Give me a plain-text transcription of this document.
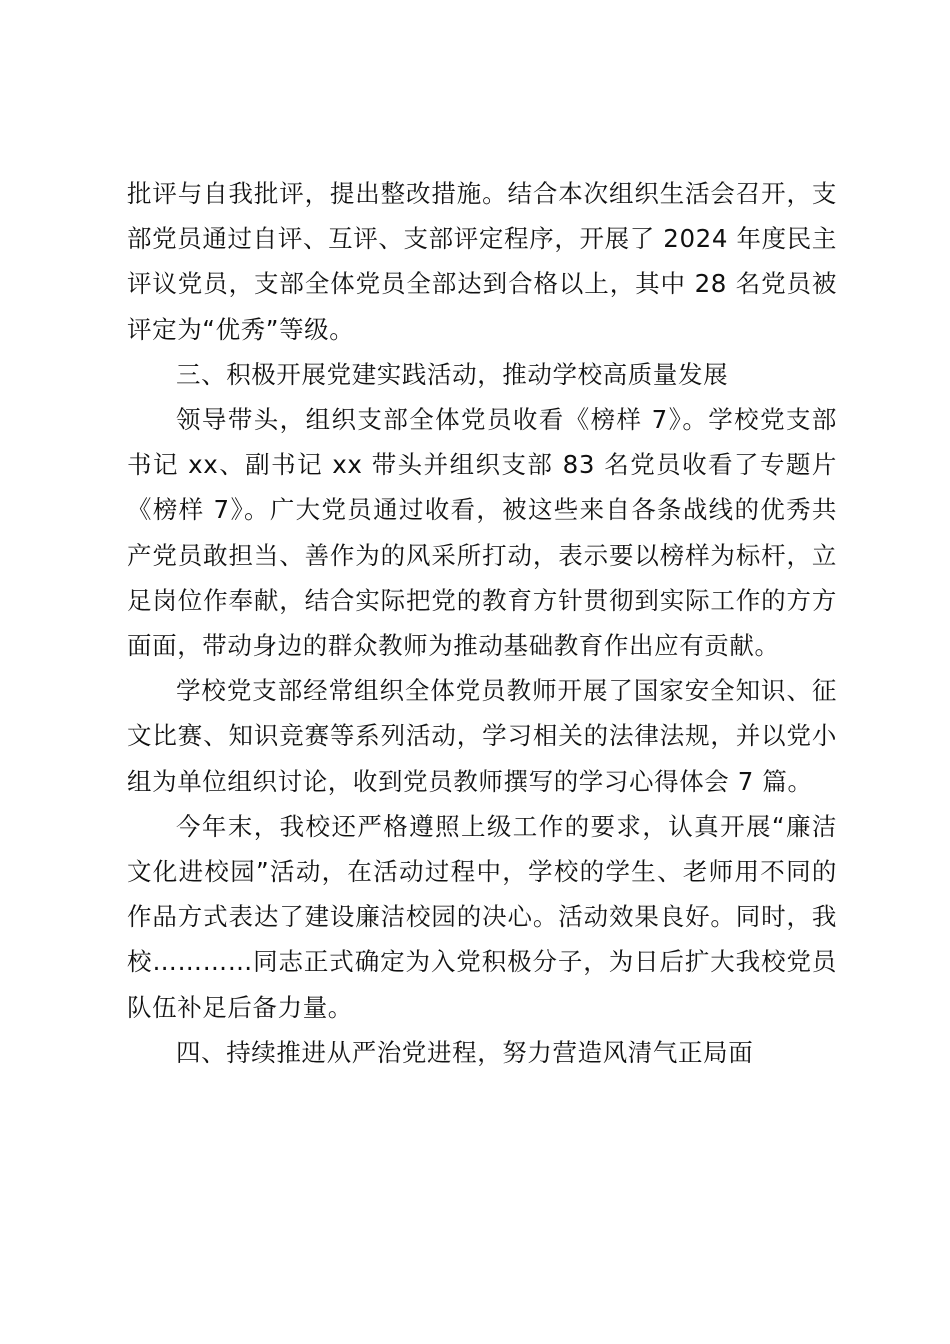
批评与自我批评，提出整改措施。结合本次组织生活会召开，支部党员通过自评、互评、支部评定程序，开展了 2024 年度民主评议党员，支部全体党员全部达到合格以上，其中 28 名党员被评定为“优秀”等级。

三、积极开展党建实践活动，推动学校高质量发展

领导带头，组织支部全体党员收看《榜样 7》。学校党支部书记 xx、副书记 xx 带头并组织支部 83 名党员收看了专题片《榜样 7》。广大党员通过收看，被这些来自各条战线的优秀共产党员敢担当、善作为的风采所打动，表示要以榜样为标杆，立足岗位作奉献，结合实际把党的教育方针贯彻到实际工作的方方面面，带动身边的群众教师为推动基础教育作出应有贡献。

学校党支部经常组织全体党员教师开展了国家安全知识、征文比赛、知识竞赛等系列活动，学习相关的法律法规，并以党小组为单位组织讨论，收到党员教师撰写的学习心得体会 7 篇。

今年末，我校还严格遵照上级工作的要求，认真开展“廉洁文化进校园”活动，在活动过程中，学校的学生、老师用不同的作品方式表达了建设廉洁校园的决心。活动效果良好。同时，我校…………同志正式确定为入党积极分子，为日后扩大我校党员队伍补足后备力量。

四、持续推进从严治党进程，努力营造风清气正局面
